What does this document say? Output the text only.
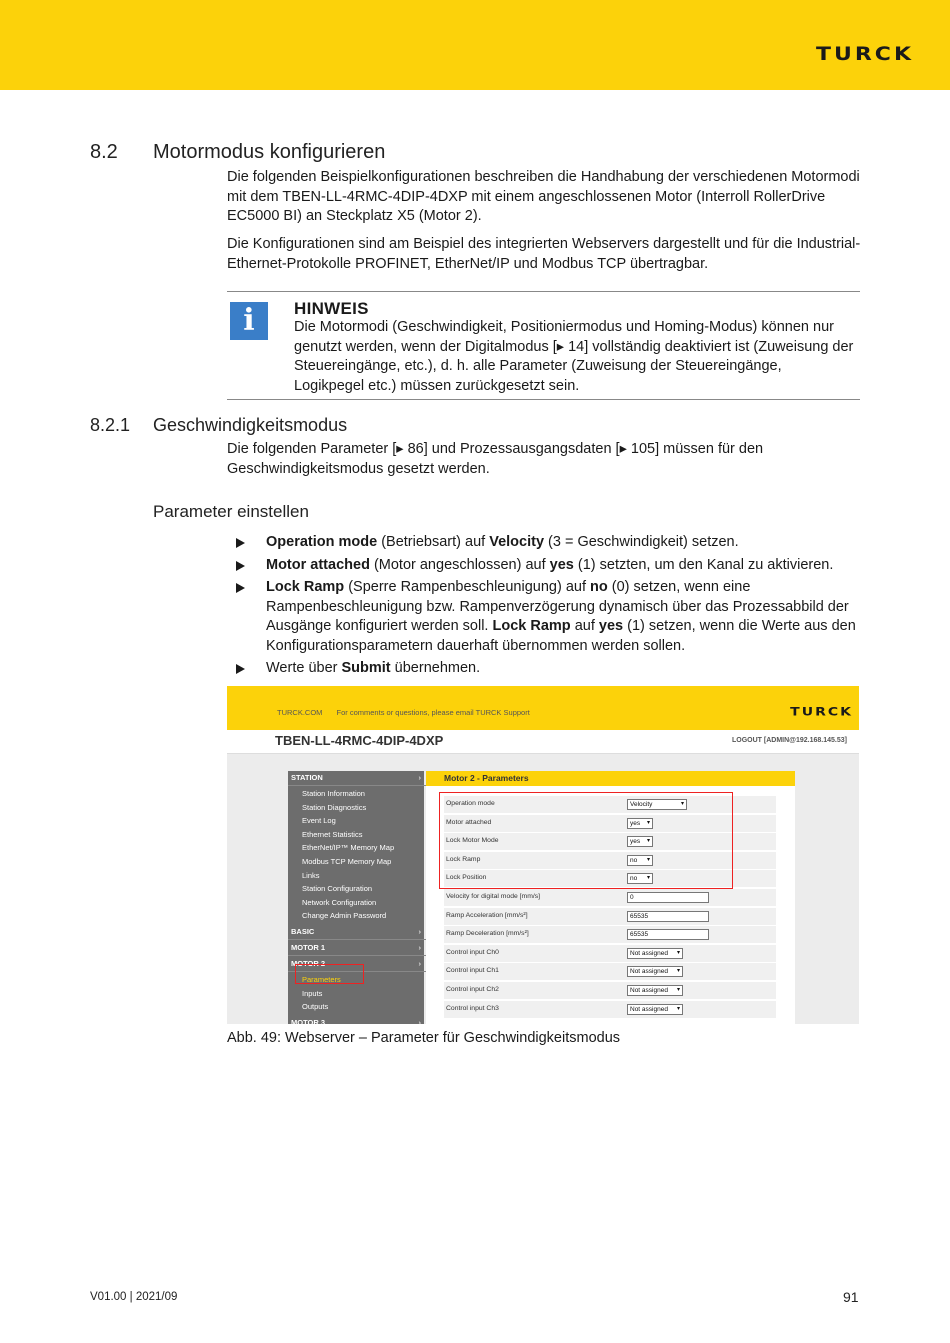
TURCK
8.2 Motormodus konfigurieren
Die folgenden Beispielkonfigurationen beschreiben die Handhabung der verschiedenen Motormodi mit dem TBEN-LL-4RMC-4DIP-4DXP mit einem angeschlossenen Motor (Interroll RollerDrive EC5000 BI) an Steckplatz X5 (Motor 2).
Die Konfigurationen sind am Beispiel des integrierten Webservers dargestellt und für die Industrial-Ethernet-Protokolle PROFINET, EtherNet/IP und Modbus TCP übertragbar.
i	HINWEIS
Die Motormodi (Geschwindigkeit, Positioniermodus und Homing-Modus) können nur genutzt werden, wenn der Digitalmodus [▸ 14] vollständig deaktiviert ist (Zuweisung der Steuereingänge, etc.), d. h. alle Parameter (Zuweisung der Steuereingänge, Logikpegel etc.) müssen zurückgesetzt sein.
8.2.1 Geschwindigkeitsmodus
Die folgenden Parameter [▸ 86] und Prozessausgangsdaten [▸ 105] müssen für den Geschwindigkeitsmodus gesetzt werden.
Parameter einstellen
Operation mode (Betriebsart) auf Velocity (3 = Geschwindigkeit) setzen.
Motor attached (Motor angeschlossen) auf yes (1) setzten, um den Kanal zu aktivieren.
Lock Ramp (Sperre Rampenbeschleunigung) auf no (0) setzen, wenn eine Rampenbeschleunigung bzw. Rampenverzögerung dynamisch über das Prozessabbild der Ausgänge konfiguriert werden soll. Lock Ramp auf yes (1) setzen, wenn die Werte aus den Konfigurationsparametern dauerhaft übernommen werden sollen.
Werte über Submit übernehmen.
TURCK.COM For comments or questions, please email TURCK Support	TURCK
TBEN-LL-4RMC-4DIP-4DXP	LOGOUT [ADMIN@192.168.145.53]
STATION	›
Station Information
Station Diagnostics
Event Log
Ethernet Statistics
EtherNet/IP™ Memory Map
Modbus TCP Memory Map
Links
Station Configuration
Network Configuration
Change Admin Password
BASIC	›
MOTOR 1	›
MOTOR 2	›
Parameters
Inputs
Outputs
MOTOR 3	›
Motor 2 - Parameters
Operation mode	Velocity	▾
Motor attached	yes ▾
Lock Motor Mode	yes ▾
Lock Ramp	no ▾
Lock Position	no ▾
Velocity for digital mode [mm/s]	0
Ramp Acceleration [mm/s²]	65535
Ramp Deceleration [mm/s²]	65535
Control input Ch0	Not assigned ▾
Control input Ch1	Not assigned ▾
Control input Ch2	Not assigned ▾
Control input Ch3	Not assigned ▾
Abb. 49: Webserver – Parameter für Geschwindigkeitsmodus
V01.00 | 2021/09	91
